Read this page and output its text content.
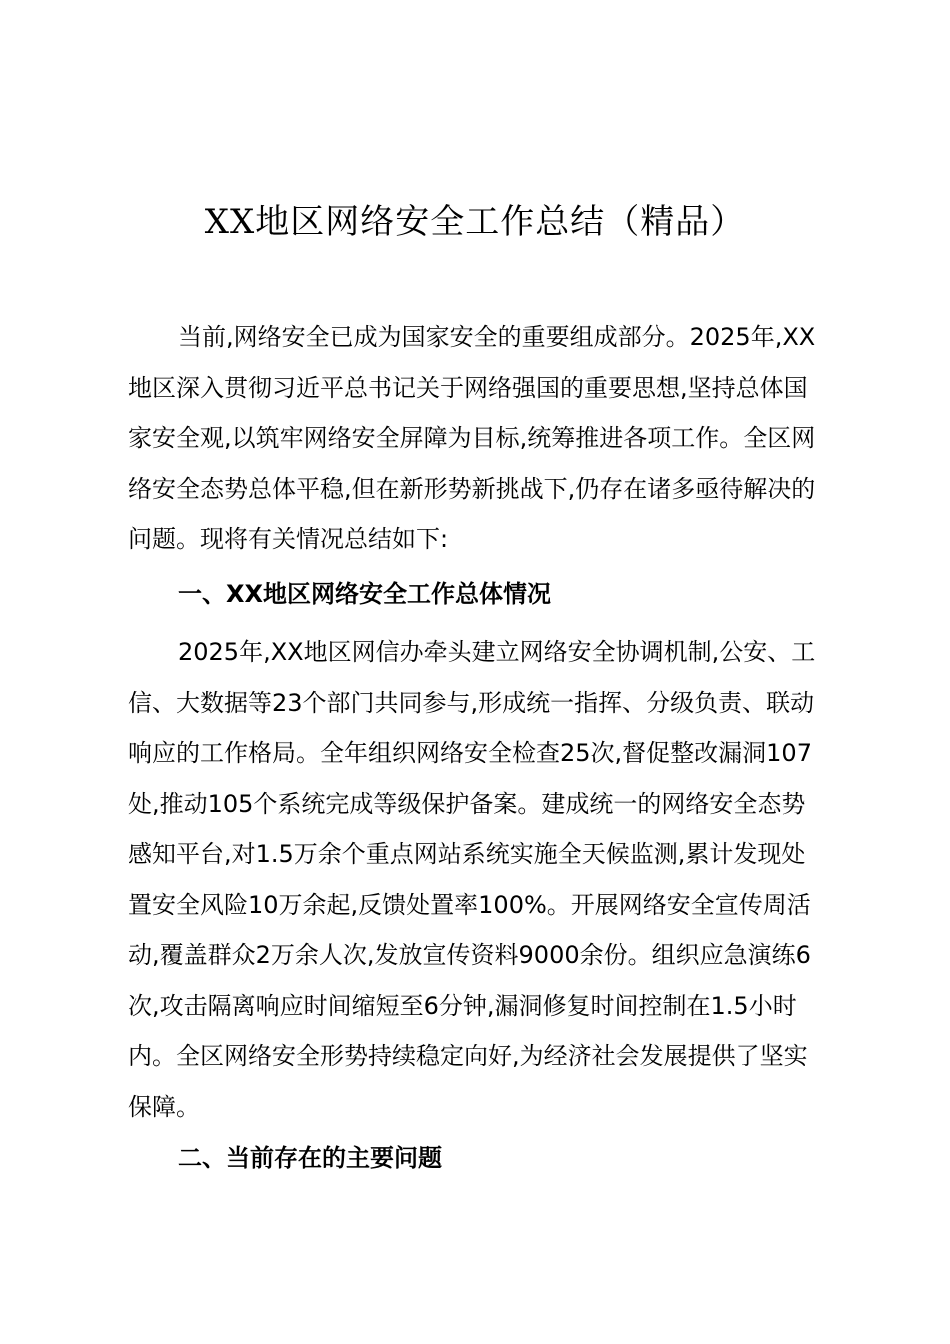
XX地区网络安全工作总结（精品）

当前,网络安全已成为国家安全的重要组成部分。2025年,XX地区深入贯彻习近平总书记关于网络强国的重要思想,坚持总体国家安全观,以筑牢网络安全屏障为目标,统筹推进各项工作。全区网络安全态势总体平稳,但在新形势新挑战下,仍存在诸多亟待解决的问题。现将有关情况总结如下:

一、XX地区网络安全工作总体情况

2025年,XX地区网信办牵头建立网络安全协调机制,公安、工信、大数据等23个部门共同参与,形成统一指挥、分级负责、联动响应的工作格局。全年组织网络安全检查25次,督促整改漏洞107处,推动105个系统完成等级保护备案。建成统一的网络安全态势感知平台,对1.5万余个重点网站系统实施全天候监测,累计发现处置安全风险10万余起,反馈处置率100%。开展网络安全宣传周活动,覆盖群众2万余人次,发放宣传资料9000余份。组织应急演练6次,攻击隔离响应时间缩短至6分钟,漏洞修复时间控制在1.5小时内。全区网络安全形势持续稳定向好,为经济社会发展提供了坚实保障。

二、当前存在的主要问题
